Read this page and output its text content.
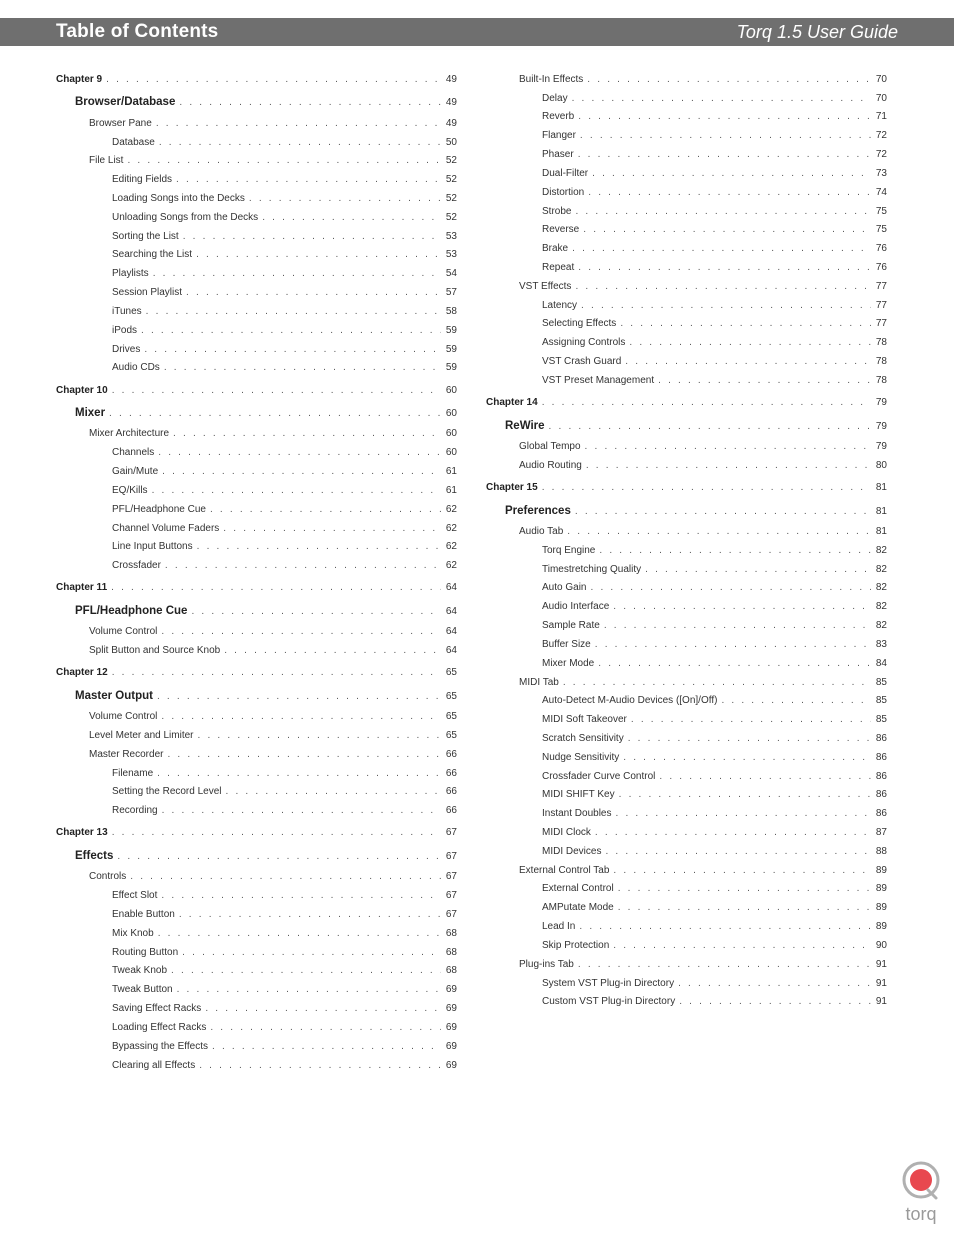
Table of Contents	Torq 1.5 User Guide
Chapter 9 . . .	49
Browser/Database . . .	49
Browser Pane . . .	49
Database . . .	50
File List . . .	52
Editing Fields . . .	52
Loading Songs into the Decks . . .	52
Unloading Songs from the Decks . . .	52
Sorting the List . . .	53
Searching the List . . .	53
Playlists . . .	54
Session Playlist . . .	57
iTunes . . .	58
iPods . . .	59
Drives . . .	59
Audio CDs . . .	59
Chapter 10 . . .	60
Mixer . . .	60
Mixer Architecture . . .	60
Channels . . .	60
Gain/Mute . . .	61
EQ/Kills . . .	61
PFL/Headphone Cue . . .	62
Channel Volume Faders . . .	62
Line Input Buttons . . .	62
Crossfader . . .	62
Chapter 11 . . .	64
PFL/Headphone Cue . . .	64
Volume Control . . .	64
Split Button and Source Knob . . .	64
Chapter 12 . . .	65
Master Output . . .	65
Volume Control . . .	65
Level Meter and Limiter . . .	65
Master Recorder . . .	66
Filename . . .	66
Setting the Record Level . . .	66
Recording . . .	66
Chapter 13 . . .	67
Effects . . .	67
Controls . . .	67
Effect Slot . . .	67
Enable Button . . .	67
Mix Knob . . .	68
Routing Button . . .	68
Tweak Knob . . .	68
Tweak Button . . .	69
Saving Effect Racks . . .	69
Loading Effect Racks . . .	69
Bypassing the Effects . . .	69
Clearing all Effects . . .	69
Built-In Effects . . .	70
Delay . . .	70
Reverb . . .	71
Flanger . . .	72
Phaser . . .	72
Dual-Filter . . .	73
Distortion . . .	74
Strobe . . .	75
Reverse . . .	75
Brake . . .	76
Repeat . . .	76
VST Effects . . .	77
Latency . . .	77
Selecting Effects . . .	77
Assigning Controls . . .	78
VST Crash Guard . . .	78
VST Preset Management . . .	78
Chapter 14 . . .	79
ReWire . . .	79
Global Tempo . . .	79
Audio Routing . . .	80
Chapter 15 . . .	81
Preferences . . .	81
Audio Tab . . .	81
Torq Engine . . .	82
Timestretching Quality . . .	82
Auto Gain . . .	82
Audio Interface . . .	82
Sample Rate . . .	82
Buffer Size . . .	83
Mixer Mode . . .	84
MIDI Tab . . .	85
Auto-Detect M-Audio Devices ([On]/Off) . . .	85
MIDI Soft Takeover . . .	85
Scratch Sensitivity . . .	86
Nudge Sensitivity . . .	86
Crossfader Curve Control . . .	86
MIDI SHIFT Key . . .	86
Instant Doubles . . .	86
MIDI Clock . . .	87
MIDI Devices . . .	88
External Control Tab . . .	89
External Control . . .	89
AMPutate Mode . . .	89
Lead In . . .	89
Skip Protection . . .	90
Plug-ins Tab . . .	91
System VST Plug-in Directory . . .	91
Custom VST Plug-in Directory . . .	91
torq
